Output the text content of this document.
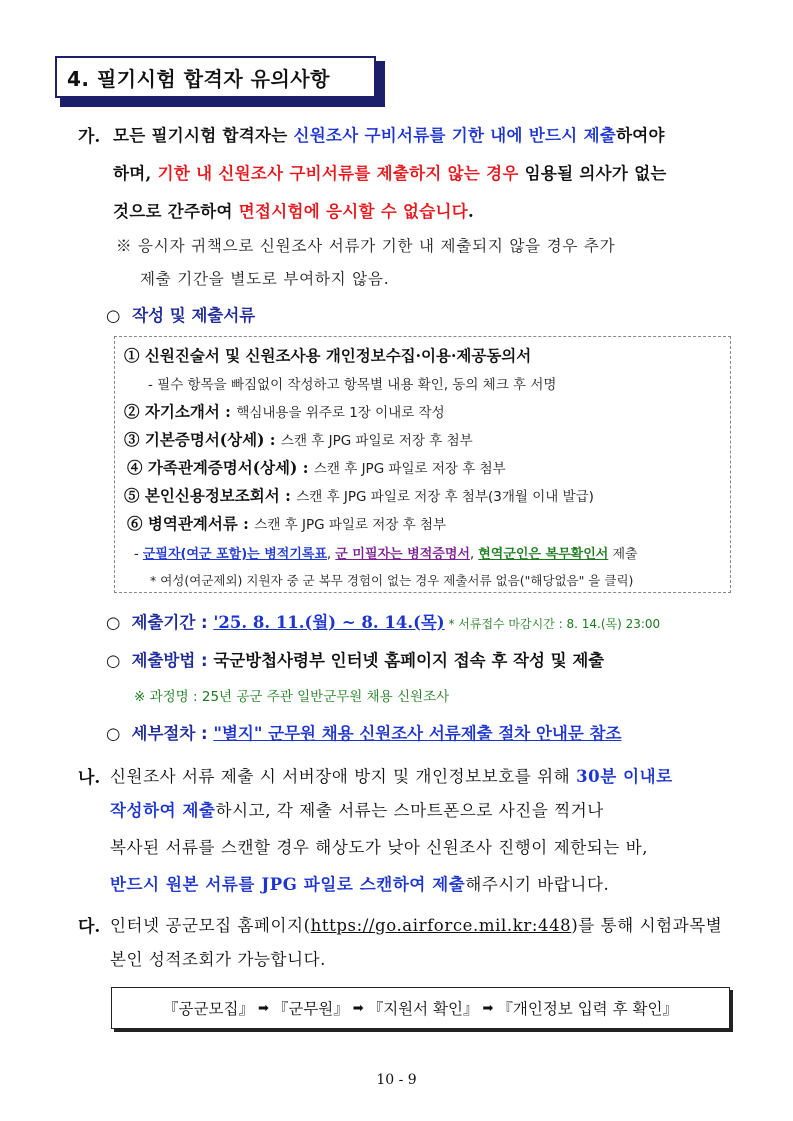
4. 필기시험 합격자 유의사항
가. 모든 필기시험 합격자는 신원조사 구비서류를 기한 내에 반드시 제출하여야
하며, 기한 내 신원조사 구비서류를 제출하지 않는 경우 임용될 의사가 없는
것으로 간주하여 면접시험에 응시할 수 없습니다.
※ 응시자 귀책으로 신원조사 서류가 기한 내 제출되지 않을 경우 추가
제출 기간을 별도로 부여하지 않음.
○ 작성 및 제출서류
① 신원진술서 및 신원조사용 개인정보수집·이용·제공동의서
- 필수 항목을 빠짐없이 작성하고 항목별 내용 확인, 동의 체크 후 서명
② 자기소개서 : 핵심내용을 위주로 1장 이내로 작성
③ 기본증명서(상세) : 스캔 후 JPG 파일로 저장 후 첨부
④ 가족관계증명서(상세) : 스캔 후 JPG 파일로 저장 후 첨부
⑤ 본인신용정보조회서 : 스캔 후 JPG 파일로 저장 후 첨부(3개월 이내 발급)
⑥ 병역관계서류 : 스캔 후 JPG 파일로 저장 후 첨부
- 군필자(여군 포함)는 병적기록표, 군 미필자는 병적증명서, 현역군인은 복무확인서 제출
* 여성(여군제외) 지원자 중 군 복무 경험이 없는 경우 제출서류 없음("해당없음" 을 클릭)
○ 제출기간 : '25. 8. 11.(월) ~ 8. 14.(목) * 서류접수 마감시간 : 8. 14.(목) 23:00
○ 제출방법 : 국군방첩사령부 인터넷 홈페이지 접속 후 작성 및 제출
※ 과정명 : 25년 공군 주관 일반군무원 채용 신원조사
○ 세부절차 : "별지" 군무원 채용 신원조사 서류제출 절차 안내문 참조
나. 신원조사 서류 제출 시 서버장애 방지 및 개인정보보호를 위해 30분 이내로
작성하여 제출하시고, 각 제출 서류는 스마트폰으로 사진을 찍거나
복사된 서류를 스캔할 경우 해상도가 낮아 신원조사 진행이 제한되는 바,
반드시 원본 서류를 JPG 파일로 스캔하여 제출해주시기 바랍니다.
다. 인터넷 공군모집 홈페이지(https://go.airforce.mil.kr:448)를 통해 시험과목별
본인 성적조회가 가능합니다.
『공군모집』 ➡ 『군무원』 ➡ 『지원서 확인』 ➡ 『개인정보 입력 후 확인』
10 - 9
